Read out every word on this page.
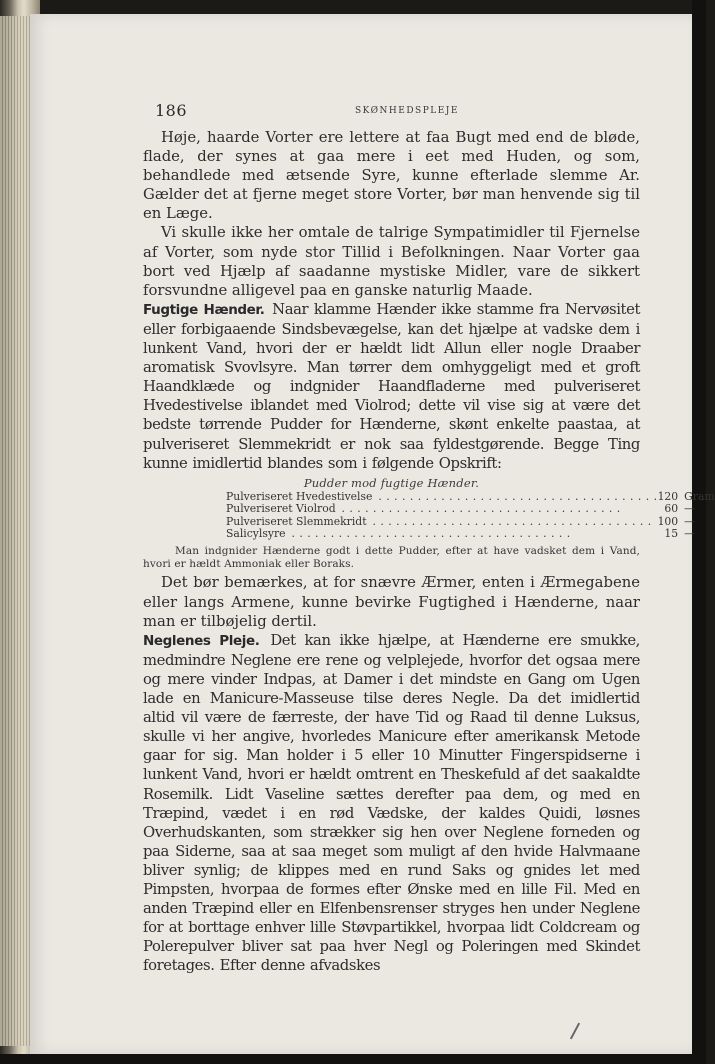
186	SKØNHEDSPLEJE

Høje, haarde Vorter ere lettere at faa Bugt med end de bløde, flade, der synes at gaa mere i eet med Huden, og som, behandlede med ætsende Syre, kunne efterlade slemme Ar. Gælder det at fjerne meget store Vorter, bør man henvende sig til en Læge.

Vi skulle ikke her omtale de talrige Sympatimidler til Fjernelse af Vorter, som nyde stor Tillid i Befolkningen. Naar Vorter gaa bort ved Hjælp af saadanne mystiske Midler, vare de sikkert forsvundne alligevel paa en ganske naturlig Maade.

Fugtige Hænder. Naar klamme Hænder ikke stamme fra Nervøsitet eller forbigaaende Sindsbevægelse, kan det hjælpe at vadske dem i lunkent Vand, hvori der er hældt lidt Allun eller nogle Draaber aromatisk Svovlsyre. Man tørrer dem omhyggeligt med et groft Haandklæde og indgnider Haandfladerne med pulveriseret Hvedestivelse iblandet med Violrod; dette vil vise sig at være det bedste tørrende Pudder for Hænderne, skønt enkelte paastaa, at pulveriseret Slemmekridt er nok saa fyldestgørende. Begge Ting kunne imidlertid blandes som i følgende Opskrift:

Pudder mod fugtige Hænder.
Pulveriseret Hvedestivelse . . .	120	Gram
Pulveriseret Violrod . . .	60	—
Pulveriseret Slemmekridt . . .	100	—
Salicylsyre . . .	15	—
Man indgnider Hænderne godt i dette Pudder, efter at have vadsket dem i Vand, hvori er hældt Ammoniak eller Boraks.

Det bør bemærkes, at for snævre Ærmer, enten i Ærmegabene eller langs Armene, kunne bevirke Fugtighed i Hænderne, naar man er tilbøjelig dertil.

Neglenes Pleje. Det kan ikke hjælpe, at Hænderne ere smukke, medmindre Neglene ere rene og velplejede, hvorfor det ogsaa mere og mere vinder Indpas, at Damer i det mindste en Gang om Ugen lade en Manicure-Masseuse tilse deres Negle. Da det imidlertid altid vil være de færreste, der have Tid og Raad til denne Luksus, skulle vi her angive, hvorledes Manicure efter amerikansk Metode gaar for sig. Man holder i 5 eller 10 Minutter Fingerspidserne i lunkent Vand, hvori er hældt omtrent en Theskefuld af det saakaldte Rosemilk. Lidt Vaseline sættes derefter paa dem, og med en Træpind, vædet i en rød Vædske, der kaldes Quidi, løsnes Overhudskanten, som strækker sig hen over Neglene forneden og paa Siderne, saa at saa meget som muligt af den hvide Halvmaane bliver synlig; de klippes med en rund Saks og gnides let med Pimpsten, hvorpaa de formes efter Ønske med en lille Fil. Med en anden Træpind eller en Elfenbensrenser stryges hen under Neglene for at borttage enhver lille Støvpartikkel, hvorpaa lidt Coldcream og Polerepulver bliver sat paa hver Negl og Poleringen med Skindet foretages. Efter denne afvadskes
